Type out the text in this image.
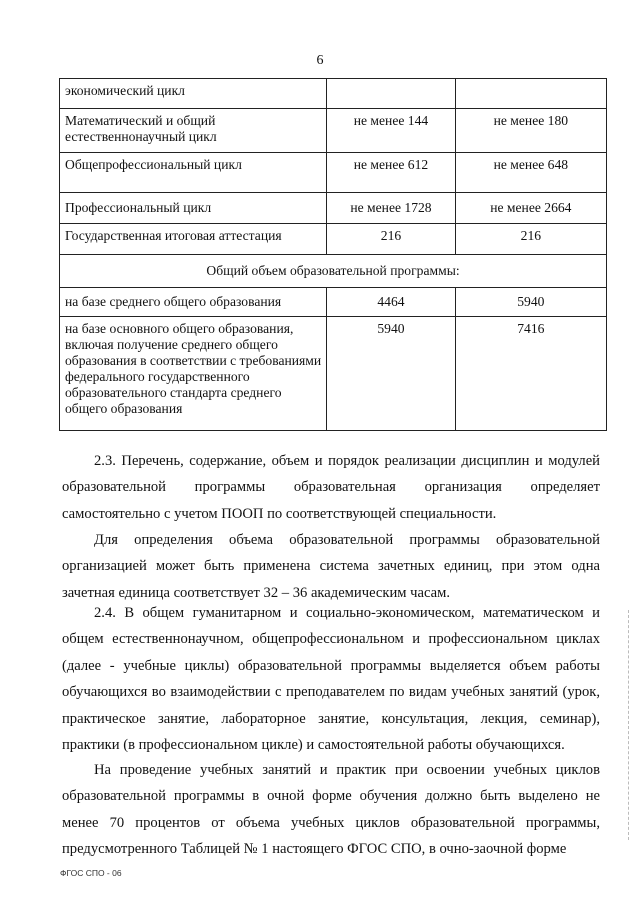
6
экономический цикл		
Математический и общий естественнонаучный цикл	не менее 144	не менее 180
Общепрофессиональный цикл	не менее 612	не менее 648
Профессиональный цикл	не менее 1728	не менее 2664
Государственная итоговая аттестация	216	216
Общий объем образовательной программы:		
на базе среднего общего образования	4464	5940
на базе основного общего образования, включая получение среднего общего образования в соответствии с требованиями федерального государственного образовательного стандарта среднего общего образования	5940	7416

2.3. Перечень, содержание, объем и порядок реализации дисциплин и модулей образовательной программы образовательная организация определяет самостоятельно с учетом ПООП по соответствующей специальности.

Для определения объема образовательной программы образовательной организацией может быть применена система зачетных единиц, при этом одна зачетная единица соответствует 32 – 36 академическим часам.

2.4. В общем гуманитарном и социально-экономическом, математическом и общем естественнонаучном, общепрофессиональном и профессиональном циклах (далее - учебные циклы) образовательной программы выделяется объем работы обучающихся во взаимодействии с преподавателем по видам учебных занятий (урок, практическое занятие, лабораторное занятие, консультация, лекция, семинар), практики (в профессиональном цикле) и самостоятельной работы обучающихся.

На проведение учебных занятий и практик при освоении учебных циклов образовательной программы в очной форме обучения должно быть выделено не менее 70 процентов от объема учебных циклов образовательной программы, предусмотренного Таблицей № 1 настоящего ФГОС СПО, в очно-заочной форме

ФГОС СПО - 06
